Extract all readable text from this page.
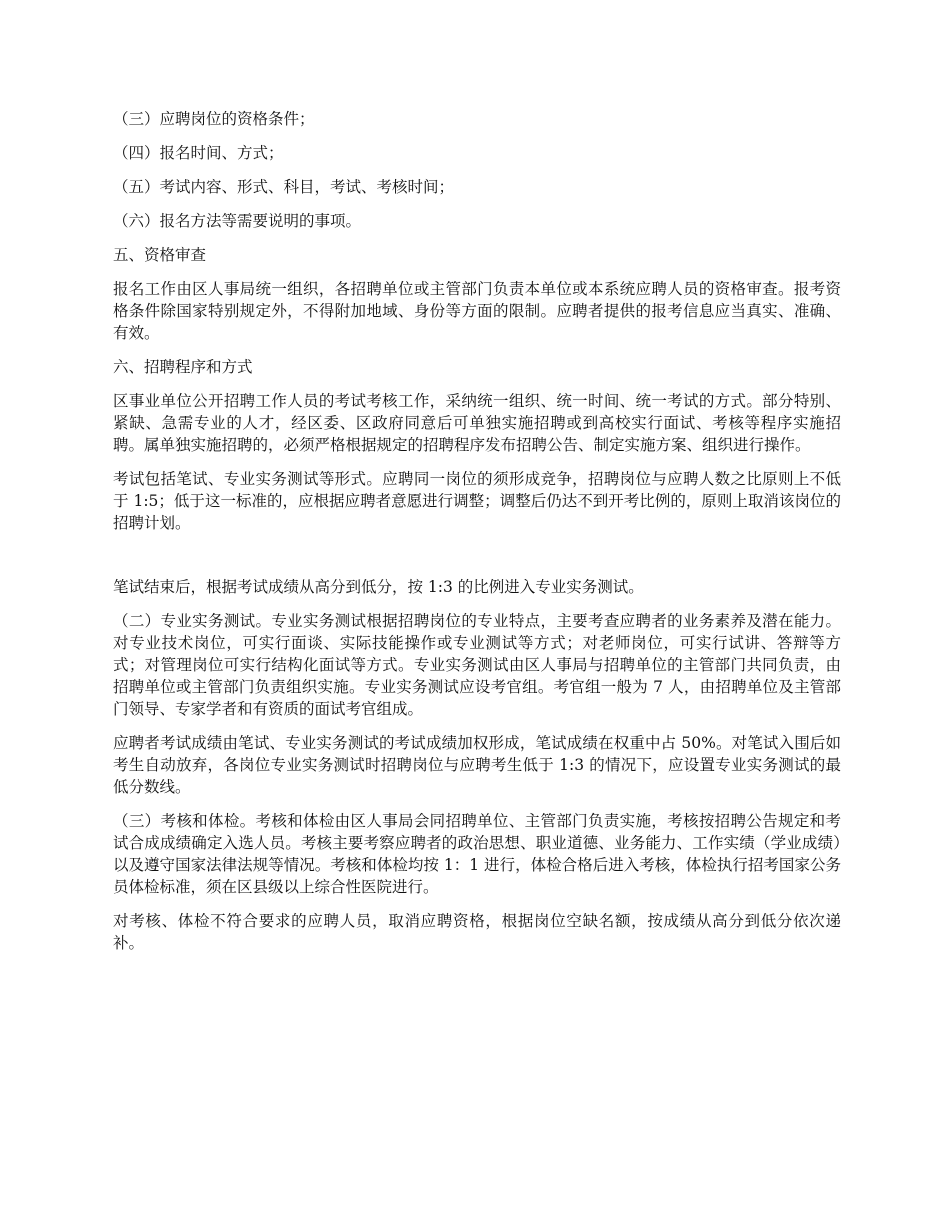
（三）应聘岗位的资格条件；

（四）报名时间、方式；

（五）考试内容、形式、科目，考试、考核时间；

（六）报名方法等需要说明的事项。

五、资格审查

报名工作由区人事局统一组织，各招聘单位或主管部门负责本单位或本系统应聘人员的资格审查。报考资格条件除国家特别规定外，不得附加地域、身份等方面的限制。应聘者提供的报考信息应当真实、准确、有效。

六、招聘程序和方式

区事业单位公开招聘工作人员的考试考核工作，采纳统一组织、统一时间、统一考试的方式。部分特别、紧缺、急需专业的人才，经区委、区政府同意后可单独实施招聘或到高校实行面试、考核等程序实施招聘。属单独实施招聘的，必须严格根据规定的招聘程序发布招聘公告、制定实施方案、组织进行操作。

考试包括笔试、专业实务测试等形式。应聘同一岗位的须形成竞争，招聘岗位与应聘人数之比原则上不低于 1:5；低于这一标准的，应根据应聘者意愿进行调整；调整后仍达不到开考比例的，原则上取消该岗位的招聘计划。

笔试结束后，根据考试成绩从高分到低分，按 1:3 的比例进入专业实务测试。

（二）专业实务测试。专业实务测试根据招聘岗位的专业特点，主要考查应聘者的业务素养及潜在能力。对专业技术岗位，可实行面谈、实际技能操作或专业测试等方式；对老师岗位，可实行试讲、答辩等方式；对管理岗位可实行结构化面试等方式。专业实务测试由区人事局与招聘单位的主管部门共同负责，由招聘单位或主管部门负责组织实施。专业实务测试应设考官组。考官组一般为 7 人，由招聘单位及主管部门领导、专家学者和有资质的面试考官组成。

应聘者考试成绩由笔试、专业实务测试的考试成绩加权形成，笔试成绩在权重中占 50%。对笔试入围后如考生自动放弃，各岗位专业实务测试时招聘岗位与应聘考生低于 1:3 的情况下，应设置专业实务测试的最低分数线。

（三）考核和体检。考核和体检由区人事局会同招聘单位、主管部门负责实施，考核按招聘公告规定和考试合成成绩确定入选人员。考核主要考察应聘者的政治思想、职业道德、业务能力、工作实绩（学业成绩）以及遵守国家法律法规等情况。考核和体检均按 1：1 进行，体检合格后进入考核，体检执行招考国家公务员体检标准，须在区县级以上综合性医院进行。

对考核、体检不符合要求的应聘人员，取消应聘资格，根据岗位空缺名额，按成绩从高分到低分依次递补。
